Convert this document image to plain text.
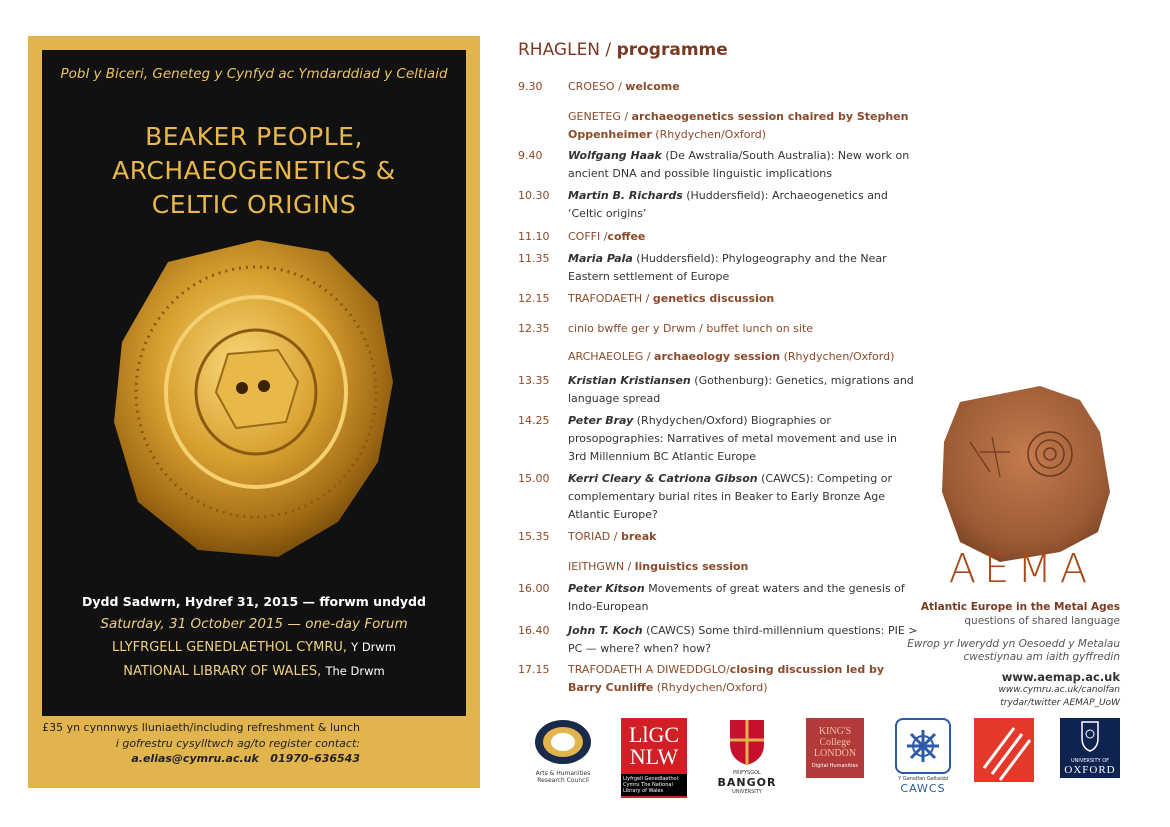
Pobl y Biceri, Geneteg y Cynfyd ac Ymdarddiad y Celtiaid
BEAKER PEOPLE,
ARCHAEOGENETICS &
CELTIC ORIGINS
Dydd Sadwrn, Hydref 31, 2015 — fforwm undydd
Saturday, 31 October 2015 — one-day Forum
LLYFRGELL GENEDLAETHOL CYMRU, Y Drwm
NATIONAL LIBRARY OF WALES, The Drwm
£35 yn cynnnwys lluniaeth/including refreshment & lunch
i gofrestru cysylltwch ag/to register contact:
a.elias@cymru.ac.uk 01970–636543
RHAGLEN / programme
9.30	CROESO / welcome
GENETEG / archaeogenetics session chaired by Stephen Oppenheimer (Rhydychen/Oxford)
9.40	Wolfgang Haak (De Awstralia/South Australia): New work on ancient DNA and possible linguistic implications
10.30	Martin B. Richards (Huddersfield): Archaeogenetics and ‘Celtic origins’
11.10	COFFI /coffee
11.35	Maria Pala (Huddersfield): Phylogeography and the Near Eastern settlement of Europe
12.15	TRAFODAETH / genetics discussion
12.35	cinio bwffe ger y Drwm / buffet lunch on site
ARCHAEOLEG / archaeology session (Rhydychen/Oxford)
13.35	Kristian Kristiansen (Gothenburg): Genetics, migrations and language spread
14.25	Peter Bray (Rhydychen/Oxford) Biographies or prosopographies: Narratives of metal movement and use in 3rd Millennium BC Atlantic Europe
15.00	Kerri Cleary & Catriona Gibson (CAWCS): Competing or complementary burial rites in Beaker to Early Bronze Age Atlantic Europe?
15.35	TORIAD / break
IEITHGWN / linguistics session
16.00	Peter Kitson Movements of great waters and the genesis of Indo-European
16.40	John T. Koch (CAWCS) Some third-millennium questions: PIE > PC — where? when? how?
17.15	TRAFODAETH A DIWEDDGLO/closing discussion led by Barry Cunliffe (Rhydychen/Oxford)
AEMA
Atlantic Europe in the Metal Ages
questions of shared language
Ewrop yr Iwerydd yn Oesoedd y Metalau
cwestiynau am iaith gyffredin
www.aemap.ac.uk
www.cymru.ac.uk/canolfan
trydar/twitter AEMAP_UoW
Arts & Humanities Research Council
LlGC
NLW
Llyfrgell Genedlaethol Cymru The National Library of Wales
PRIFYSGOL
BANGOR
UNIVERSITY
KING'S College LONDON
Digital Humanities
Y Ganolfan Geltaidd
CAWCS
UNIVERSITY OF
OXFORD
